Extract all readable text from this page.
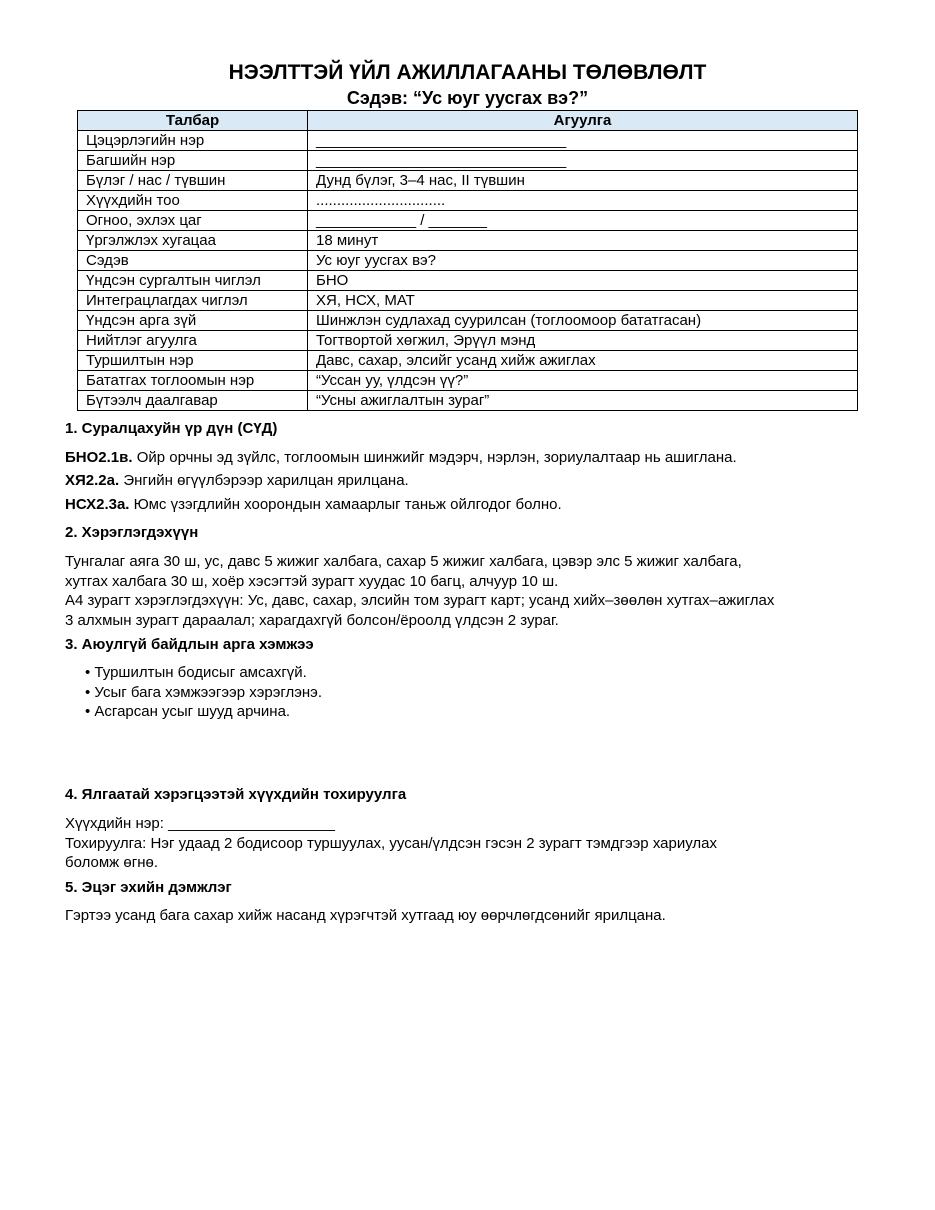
НЭЭЛТТЭЙ ҮЙЛ АЖИЛЛАГААНЫ ТӨЛӨВЛӨЛТ
Сэдэв: “Ус юуг уусгах вэ?”
Талбар	Агуулга
Цэцэрлэгийн нэр	______________________________
Багшийн нэр	______________________________
Бүлэг / нас / түвшин	Дунд бүлэг, 3–4 нас, II түвшин
Хүүхдийн тоо	...............................
Огноо, эхлэх цаг	____________ / _______
Үргэлжлэх хугацаа	18 минут
Сэдэв	Ус юуг уусгах вэ?
Үндсэн сургалтын чиглэл	БНО
Интеграцлагдах чиглэл	ХЯ, НСХ, МАТ
Үндсэн арга зүй	Шинжлэн судлахад суурилсан (тоглоомоор бататгасан)
Нийтлэг агуулга	Тогтвортой хөгжил, Эрүүл мэнд
Туршилтын нэр	Давс, сахар, элсийг усанд хийж ажиглах
Бататгах тоглоомын нэр	“Уссан уу, үлдсэн үү?”
Бүтээлч даалгавар	“Усны ажиглалтын зураг”
1. Суралцахуйн үр дүн (СҮД)
БНО2.1в. Ойр орчны эд зүйлс, тоглоомын шинжийг мэдэрч, нэрлэн, зориулалтаар нь ашиглана.
ХЯ2.2а. Энгийн өгүүлбэрээр харилцан ярилцана.
НСХ2.3а. Юмс үзэгдлийн хоорондын хамаарлыг таньж ойлгодог болно.
2. Хэрэглэгдэхүүн
Тунгалаг аяга 30 ш, ус, давс 5 жижиг халбага, сахар 5 жижиг халбага, цэвэр элс 5 жижиг халбага,
хутгах халбага 30 ш, хоёр хэсэгтэй зурагт хуудас 10 багц, алчуур 10 ш.
А4 зурагт хэрэглэгдэхүүн: Ус, давс, сахар, элсийн том зурагт карт; усанд хийх–зөөлөн хутгах–ажиглах
3 алхмын зурагт дараалал; харагдахгүй болсон/ёроолд үлдсэн 2 зураг.
3. Аюулгүй байдлын арга хэмжээ
• Туршилтын бодисыг амсахгүй.
• Усыг бага хэмжээгээр хэрэглэнэ.
• Асгарсан усыг шууд арчина.
4. Ялгаатай хэрэгцээтэй хүүхдийн тохируулга
Хүүхдийн нэр: ____________________
Тохируулга: Нэг удаад 2 бодисоор туршуулах, уусан/үлдсэн гэсэн 2 зурагт тэмдгээр хариулах
боломж өгнө.
5. Эцэг эхийн дэмжлэг
Гэртээ усанд бага сахар хийж насанд хүрэгчтэй хутгаад юу өөрчлөгдсөнийг ярилцана.
